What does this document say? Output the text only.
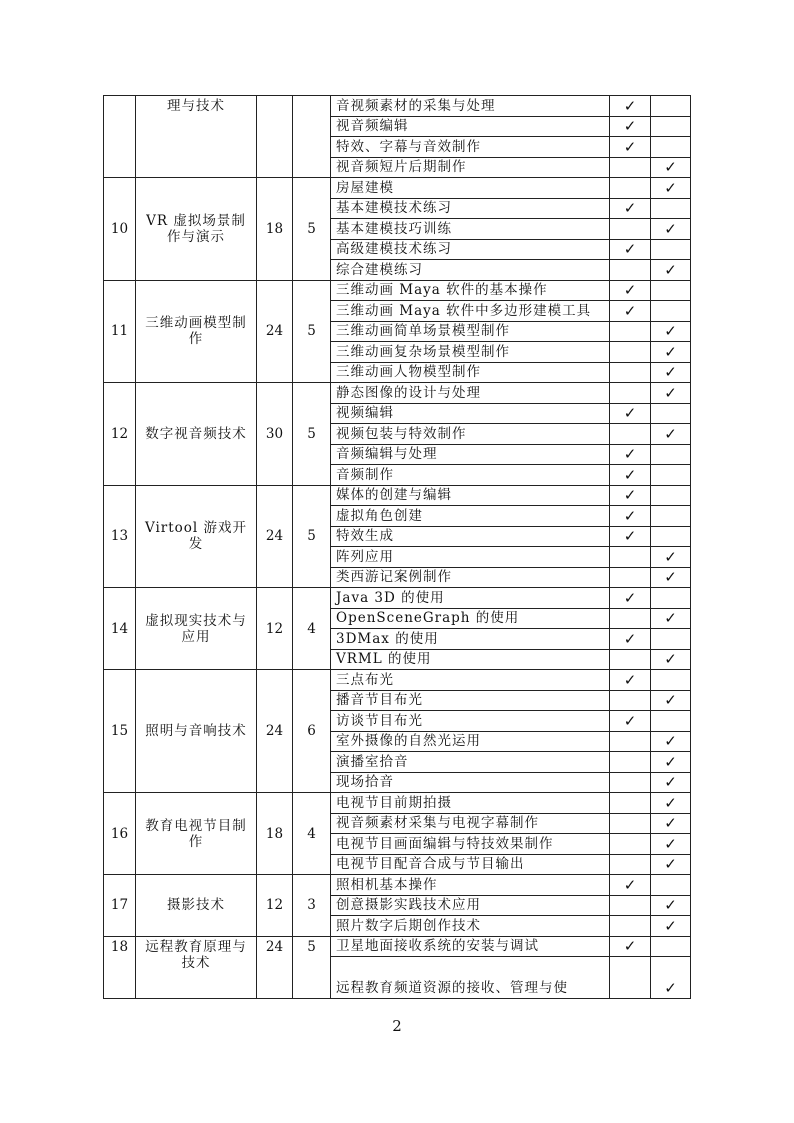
	理与技术			音视频素材的采集与处理	✓	
				视音频编辑	✓	
				特效、字幕与音效制作	✓	
				视音频短片后期制作		✓
10	VR 虚拟场景制作与演示	18	5	房屋建模		✓
				基本建模技术练习	✓	
				基本建模技巧训练		✓
				高级建模技术练习	✓	
				综合建模练习		✓
11	三维动画模型制作	24	5	三维动画 Maya 软件的基本操作	✓	
				三维动画 Maya 软件中多边形建模工具	✓	
				三维动画简单场景模型制作		✓
				三维动画复杂场景模型制作		✓
				三维动画人物模型制作		✓
12	数字视音频技术	30	5	静态图像的设计与处理		✓
				视频编辑	✓	
				视频包装与特效制作		✓
				音频编辑与处理	✓	
				音频制作	✓	
13	Virtool 游戏开发	24	5	媒体的创建与编辑	✓	
				虚拟角色创建	✓	
				特效生成	✓	
				阵列应用		✓
				类西游记案例制作		✓
14	虚拟现实技术与应用	12	4	Java 3D 的使用	✓	
				OpenSceneGraph 的使用		✓
				3DMax 的使用	✓	
				VRML 的使用		✓
15	照明与音响技术	24	6	三点布光	✓	
				播音节目布光		✓
				访谈节目布光	✓	
				室外摄像的自然光运用		✓
				演播室拾音		✓
				现场拾音		✓
16	教育电视节目制作	18	4	电视节目前期拍摄		✓
				视音频素材采集与电视字幕制作		✓
				电视节目画面编辑与特技效果制作		✓
				电视节目配音合成与节目输出		✓
17	摄影技术	12	3	照相机基本操作	✓	
				创意摄影实践技术应用		✓
				照片数字后期创作技术		✓
18	远程教育原理与技术	24	5	卫星地面接收系统的安装与调试	✓	
				远程教育频道资源的接收、管理与使		✓
2
